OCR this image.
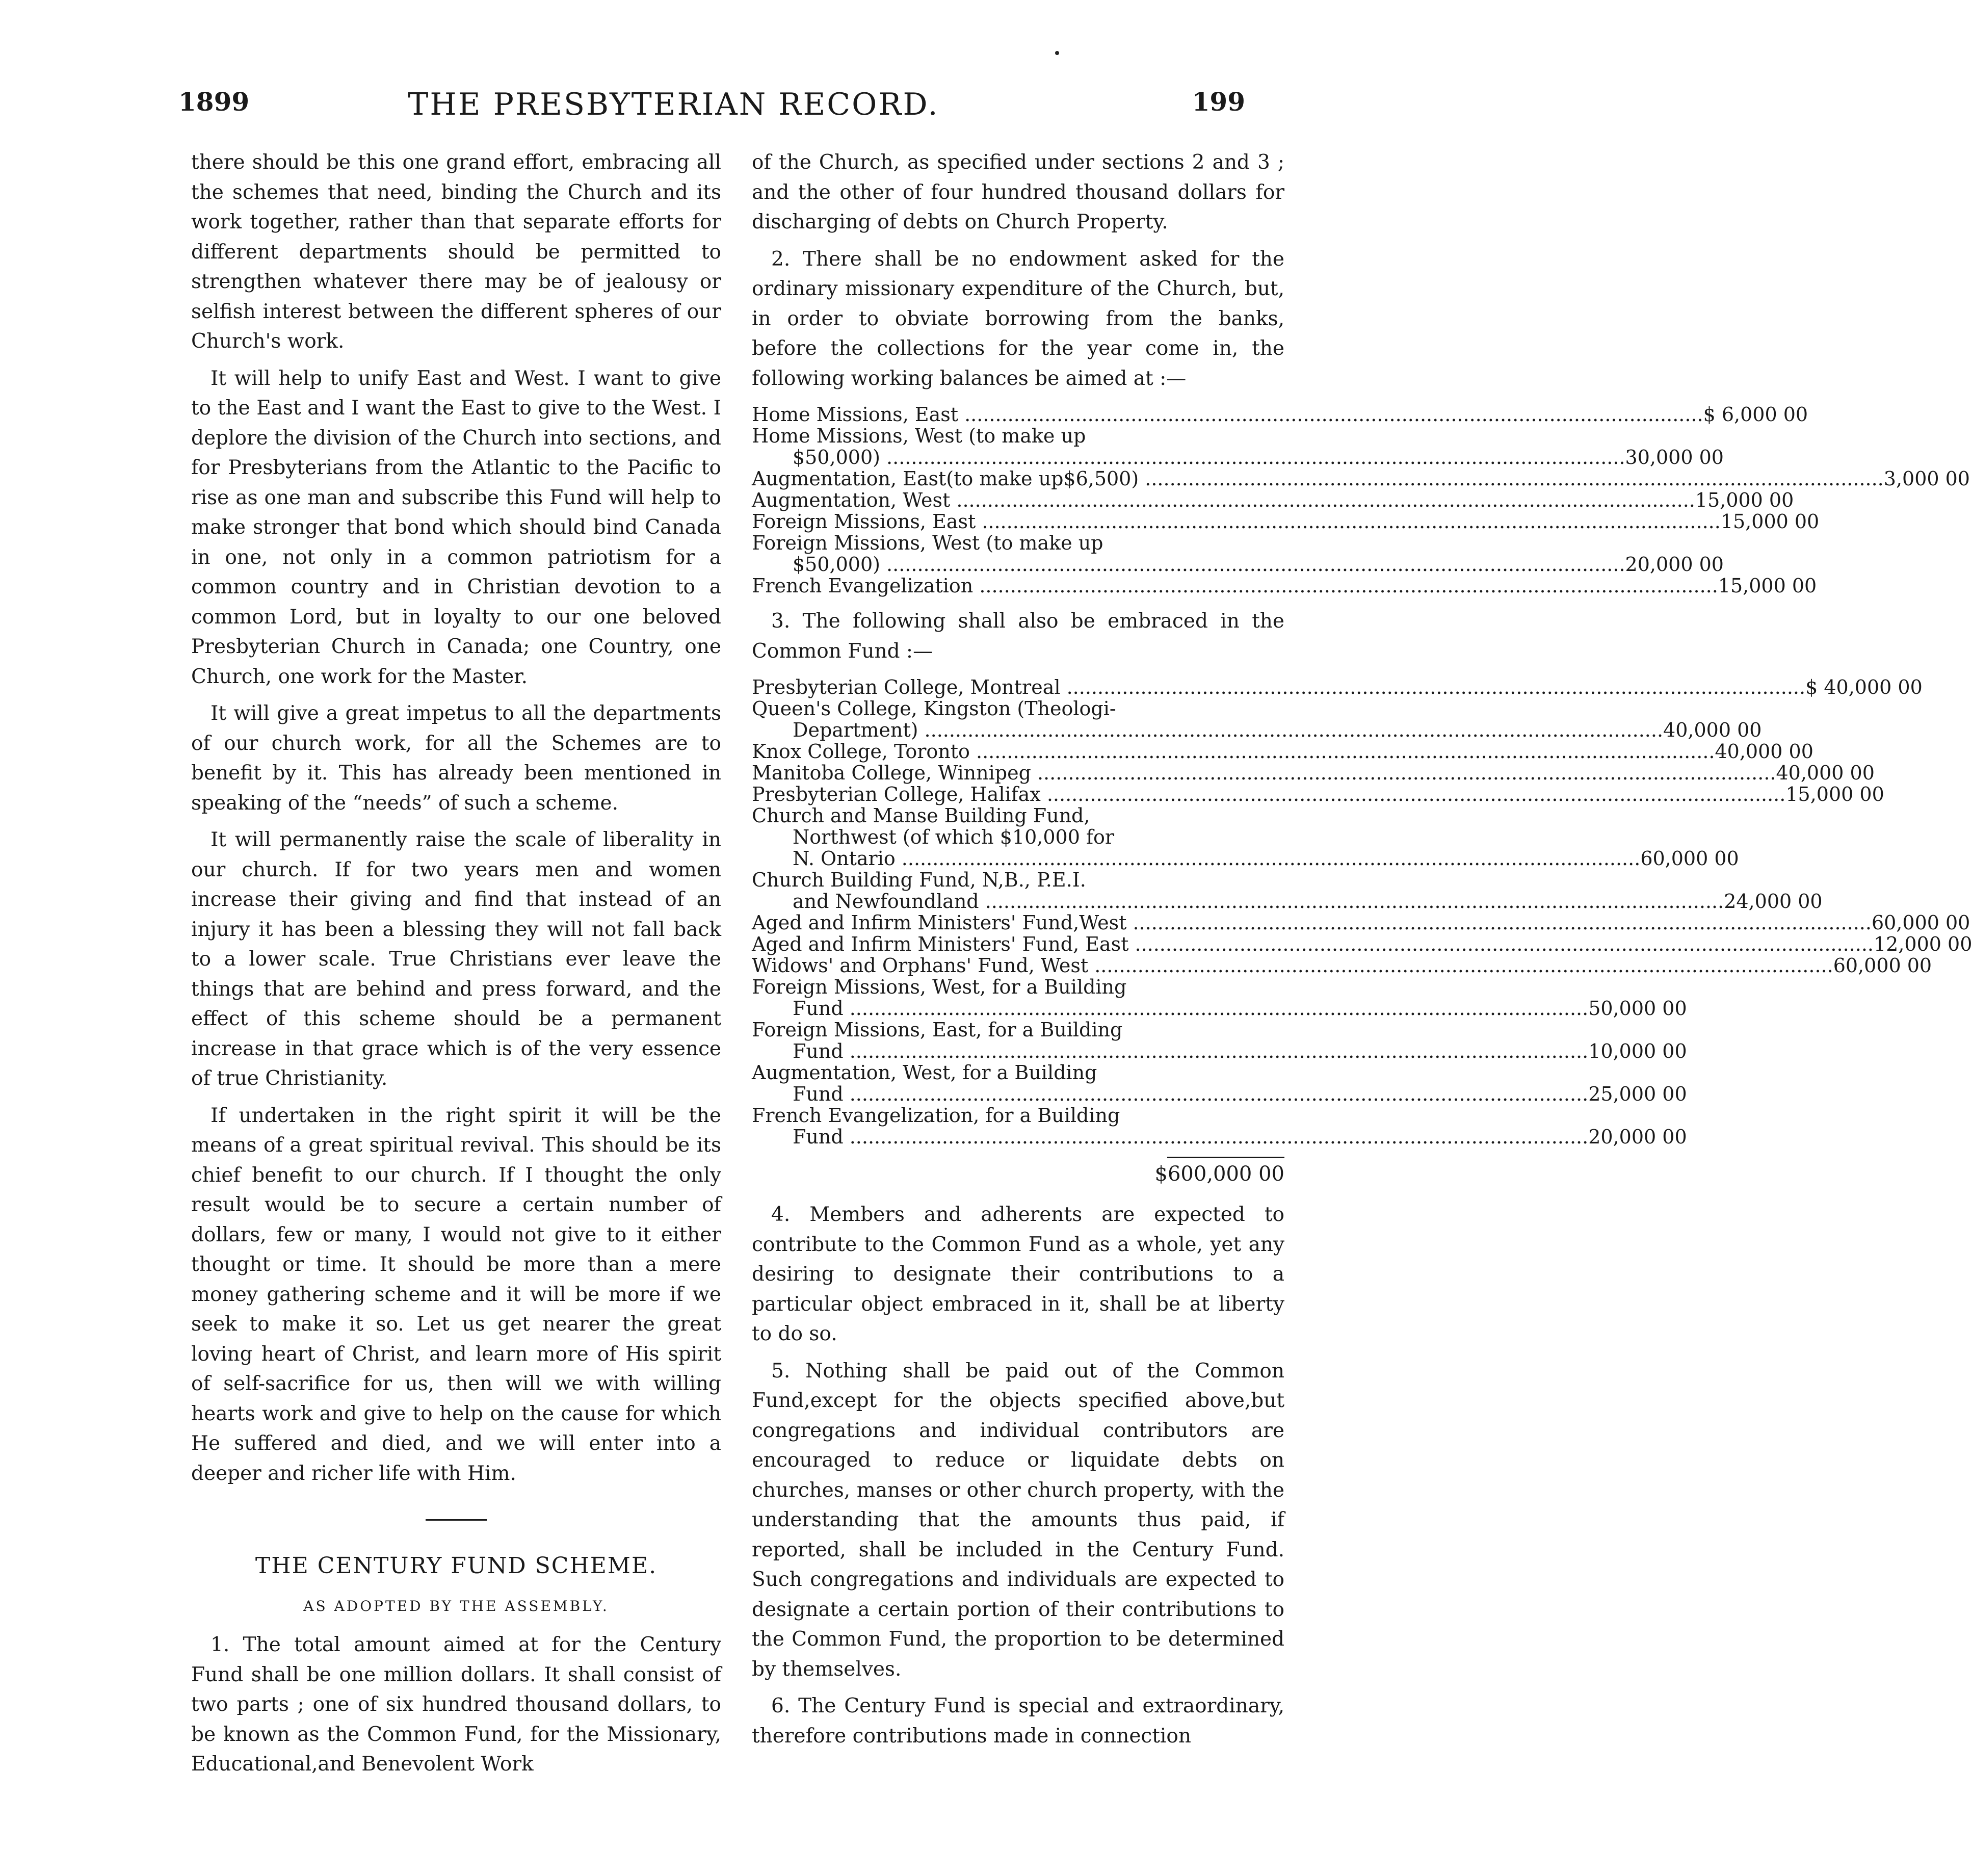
1899	THE PRESBYTERIAN RECORD.	199

there should be this one grand effort, embracing all the schemes that need, binding the Church and its work together, rather than that separate efforts for different departments should be permitted to strengthen whatever there may be of jealousy or selfish interest between the different spheres of our Church's work.

It will help to unify East and West. I want to give to the East and I want the East to give to the West. I deplore the division of the Church into sections, and for Presbyterians from the Atlantic to the Pacific to rise as one man and subscribe this Fund will help to make stronger that bond which should bind Canada in one, not only in a common patriotism for a common country and in Christian devotion to a common Lord, but in loyalty to our one beloved Presbyterian Church in Canada; one Country, one Church, one work for the Master.

It will give a great impetus to all the departments of our church work, for all the Schemes are to benefit by it. This has already been mentioned in speaking of the “needs” of such a scheme.

It will permanently raise the scale of liberality in our church. If for two years men and women increase their giving and find that instead of an injury it has been a blessing they will not fall back to a lower scale. True Christians ever leave the things that are behind and press forward, and the effect of this scheme should be a permanent increase in that grace which is of the very essence of true Christianity.

If undertaken in the right spirit it will be the means of a great spiritual revival. This should be its chief benefit to our church. If I thought the only result would be to secure a certain number of dollars, few or many, I would not give to it either thought or time. It should be more than a mere money gathering scheme and it will be more if we seek to make it so. Let us get nearer the great loving heart of Christ, and learn more of His spirit of self-sacrifice for us, then will we with willing hearts work and give to help on the cause for which He suffered and died, and we will enter into a deeper and richer life with Him.

THE CENTURY FUND SCHEME.
AS ADOPTED BY THE ASSEMBLY.

1. The total amount aimed at for the Century Fund shall be one million dollars. It shall consist of two parts ; one of six hundred thousand dollars, to be known as the Common Fund, for the Missionary, Educational,and Benevolent Work

of the Church, as specified under sections 2 and 3 ; and the other of four hundred thousand dollars for discharging of debts on Church Property.

2. There shall be no endowment asked for the ordinary missionary expenditure of the Church, but, in order to obviate borrowing from the banks, before the collections for the year come in, the following working balances be aimed at :—

Home Missions, East ........................................................................................................................ $ 6,000 00
Home Missions, West (to make up
$50,000) ........................................................................................................................ 30,000 00
Augmentation, East(to make up$6,500) ........................................................................................................................ 3,000 00
Augmentation, West ........................................................................................................................ 15,000 00
Foreign Missions, East ........................................................................................................................ 15,000 00
Foreign Missions, West (to make up
$50,000) ........................................................................................................................ 20,000 00
French Evangelization ........................................................................................................................ 15,000 00

3. The following shall also be embraced in the Common Fund :—

Presbyterian College, Montreal ........................................................................................................................ $ 40,000 00
Queen's College, Kingston (Theologi-
Department) ........................................................................................................................ 40,000 00
Knox College, Toronto ........................................................................................................................ 40,000 00
Manitoba College, Winnipeg ........................................................................................................................ 40,000 00
Presbyterian College, Halifax ........................................................................................................................ 15,000 00
Church and Manse Building Fund,
Northwest (of which $10,000 for
N. Ontario ........................................................................................................................ 60,000 00
Church Building Fund, N,B., P.E.I.
and Newfoundland ........................................................................................................................ 24,000 00
Aged and Infirm Ministers' Fund,West ........................................................................................................................ 60,000 00
Aged and Infirm Ministers' Fund, East ........................................................................................................................ 12,000 00
Widows' and Orphans' Fund, West ........................................................................................................................ 60,000 00
Foreign Missions, West, for a Building
Fund ........................................................................................................................ 50,000 00
Foreign Missions, East, for a Building
Fund ........................................................................................................................ 10,000 00
Augmentation, West, for a Building
Fund ........................................................................................................................ 25,000 00
French Evangelization, for a Building
Fund ........................................................................................................................ 20,000 00
$600,000 00

4. Members and adherents are expected to contribute to the Common Fund as a whole, yet any desiring to designate their contributions to a particular object embraced in it, shall be at liberty to do so.

5. Nothing shall be paid out of the Common Fund,except for the objects specified above,but congregations and individual contributors are encouraged to reduce or liquidate debts on churches, manses or other church property, with the understanding that the amounts thus paid, if reported, shall be included in the Century Fund. Such congregations and individuals are expected to designate a certain portion of their contributions to the Common Fund, the proportion to be determined by themselves.

6. The Century Fund is special and extraordinary, therefore contributions made in connection
